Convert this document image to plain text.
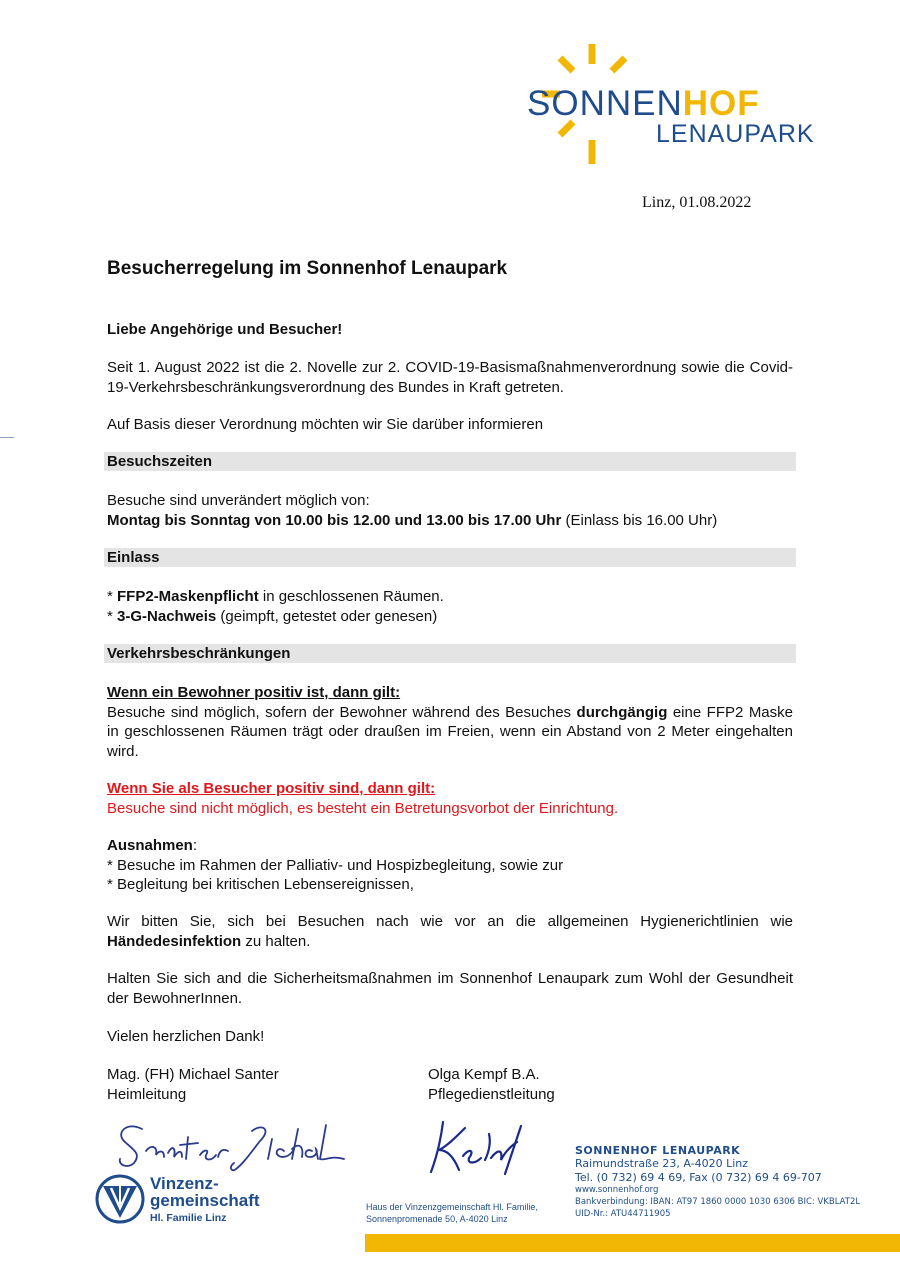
SONNENHOF
LENAUPARK
Linz, 01.08.2022
Besucherregelung im Sonnenhof Lenaupark
Liebe Angehörige und Besucher!
Seit 1. August 2022 ist die 2. Novelle zur 2. COVID-19-Basismaßnahmenverordnung sowie die Covid-19-Verkehrsbeschränkungsverordnung des Bundes in Kraft getreten.
Auf Basis dieser Verordnung möchten wir Sie darüber informieren
Besuchszeiten
Besuche sind unverändert möglich von:
Montag bis Sonntag von 10.00 bis 12.00 und 13.00 bis 17.00 Uhr (Einlass bis 16.00 Uhr)
Einlass
* FFP2-Maskenpflicht in geschlossenen Räumen.
* 3-G-Nachweis (geimpft, getestet oder genesen)
Verkehrsbeschränkungen
Wenn ein Bewohner positiv ist, dann gilt:
Besuche sind möglich, sofern der Bewohner während des Besuches durchgängig eine FFP2 Maske in geschlossenen Räumen trägt oder draußen im Freien, wenn ein Abstand von 2 Meter eingehalten wird.
Wenn Sie als Besucher positiv sind, dann gilt:
Besuche sind nicht möglich, es besteht ein Betretungsvorbot der Einrichtung.
Ausnahmen:
* Besuche im Rahmen der Palliativ- und Hospizbegleitung, sowie zur
* Begleitung bei kritischen Lebensereignissen,
Wir bitten Sie, sich bei Besuchen nach wie vor an die allgemeinen Hygienerichtlinien wie Händedesinfektion zu halten.
Halten Sie sich and die Sicherheitsmaßnahmen im Sonnenhof Lenaupark zum Wohl der Gesundheit der BewohnerInnen.
Vielen herzlichen Dank!
Mag. (FH) Michael Santer
Heimleitung
Olga Kempf B.A.
Pflegedienstleitung
Vinzenz-
gemeinschaft
Hl. Familie Linz
Haus der Vinzenzgemeinschaft Hl. Familie,
Sonnenpromenade 50, A-4020 Linz
SONNENHOF LENAUPARK
Raimundstraße 23, A-4020 Linz
Tel. (0 732) 69 4 69, Fax (0 732) 69 4 69-707
www.sonnenhof.org
Bankverbindung: IBAN: AT97 1860 0000 1030 6306 BIC: VKBLAT2L
UID-Nr.: ATU44711905
